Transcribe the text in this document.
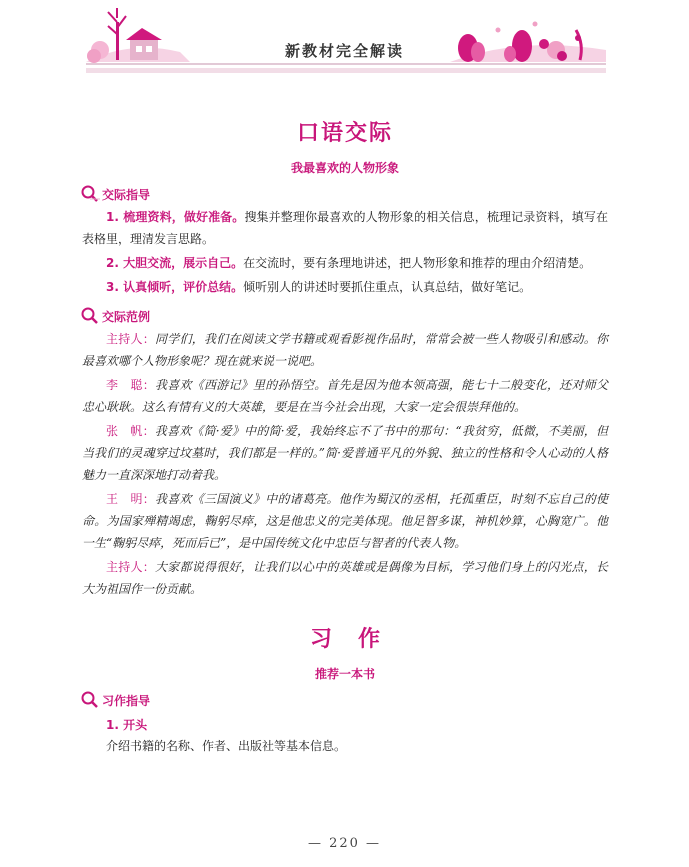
新教材完全解读
口语交际
我最喜欢的人物形象
交际指导

1. 梳理资料，做好准备。搜集并整理你最喜欢的人物形象的相关信息，梳理记录资料，填写在表格里，理清发言思路。

2. 大胆交流，展示自己。在交流时，要有条理地讲述，把人物形象和推荐的理由介绍清楚。

3. 认真倾听，评价总结。倾听别人的讲述时要抓住重点，认真总结，做好笔记。

交际范例

主持人：同学们，我们在阅读文学书籍或观看影视作品时，常常会被一些人物吸引和感动。你最喜欢哪个人物形象呢？现在就来说一说吧。

李　聪：我喜欢《西游记》里的孙悟空。首先是因为他本领高强，能七十二般变化，还对师父忠心耿耿。这么有情有义的大英雄，要是在当今社会出现，大家一定会很崇拜他的。

张　帆：我喜欢《简·爱》中的简·爱，我始终忘不了书中的那句：“我贫穷，低微，不美丽，但当我们的灵魂穿过坟墓时，我们都是一样的。”简·爱普通平凡的外貌、独立的性格和令人心动的人格魅力一直深深地打动着我。

王　明：我喜欢《三国演义》中的诸葛亮。他作为蜀汉的丞相，托孤重臣，时刻不忘自己的使命。为国家殚精竭虑，鞠躬尽瘁，这是他忠义的完美体现。他足智多谋，神机妙算，心胸宽广。他一生“鞠躬尽瘁，死而后已”，是中国传统文化中忠臣与智者的代表人物。

主持人：大家都说得很好，让我们以心中的英雄或是偶像为目标，学习他们身上的闪光点，长大为祖国作一份贡献。

习作
推荐一本书
习作指导
1. 开头

介绍书籍的名称、作者、出版社等基本信息。

— 220 —
